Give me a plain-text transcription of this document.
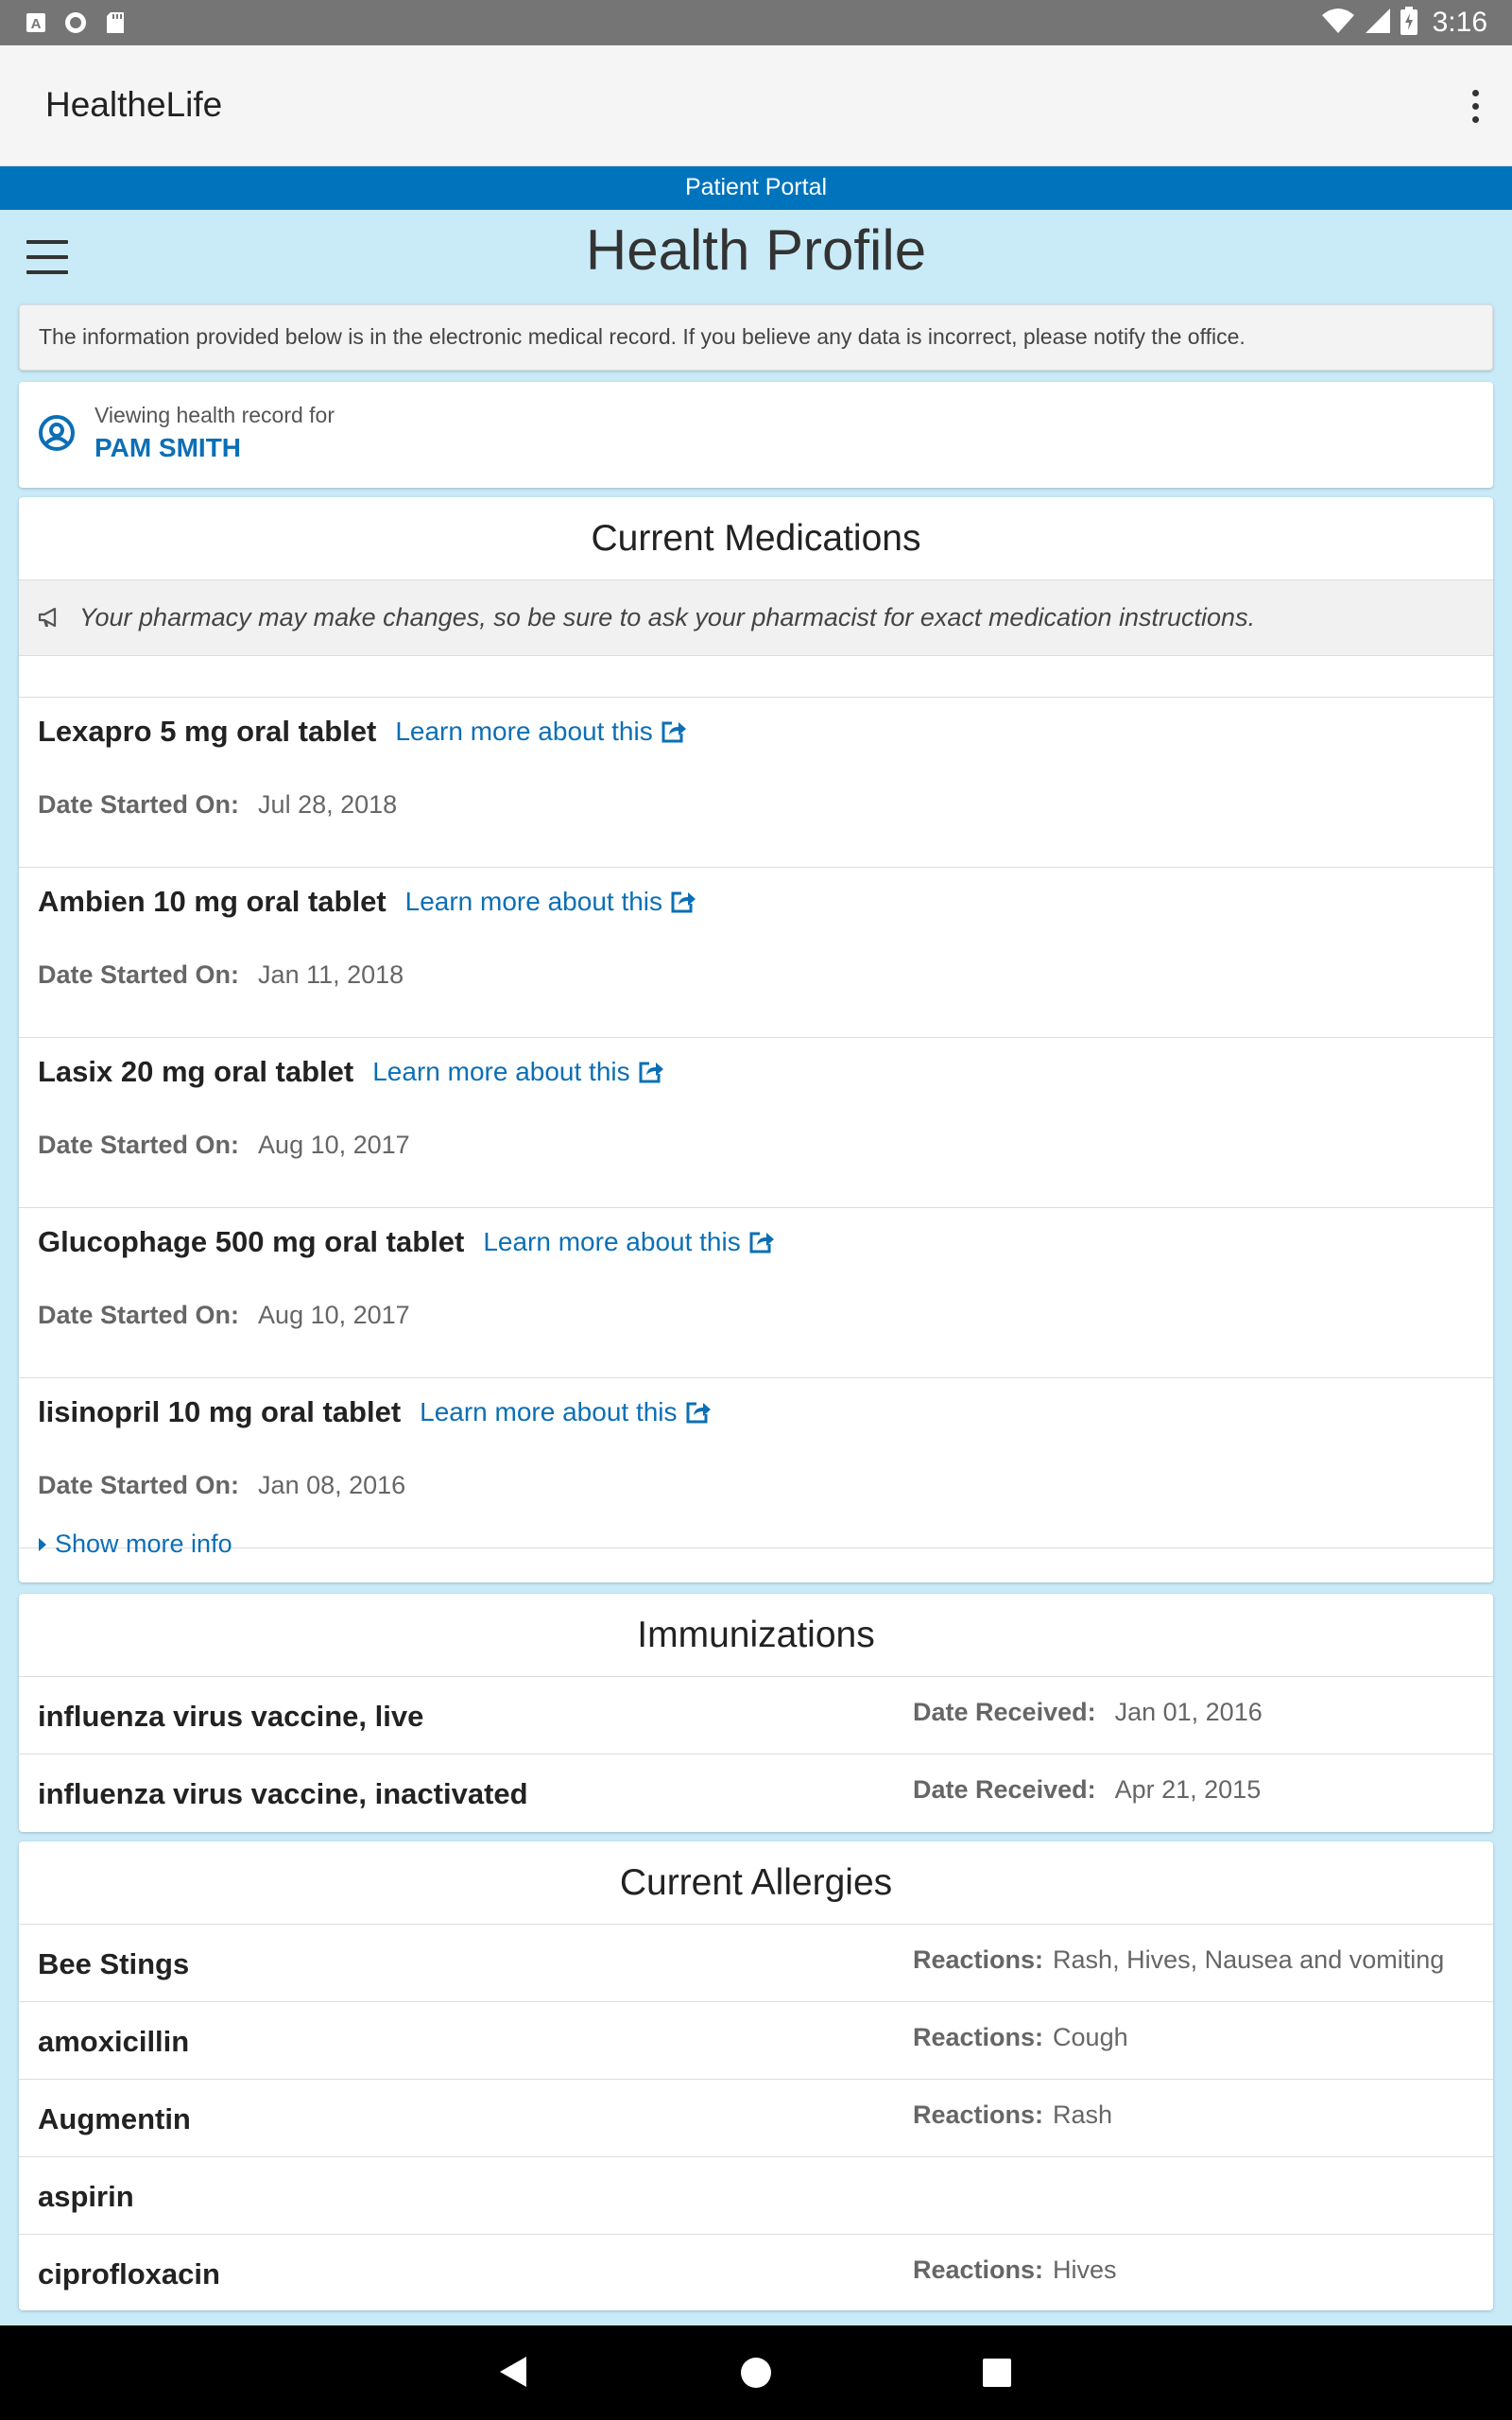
A	3:16
HealtheLife
Patient Portal
Health Profile
The information provided below is in the electronic medical record. If you believe any data is incorrect, please notify the office.
Viewing health record for
PAM SMITH
Current Medications
Your pharmacy may make changes, so be sure to ask your pharmacist for exact medication instructions.
Lexapro 5 mg oral tablet Learn more about this
Date Started On: Jul 28, 2018
Ambien 10 mg oral tablet Learn more about this
Date Started On: Jan 11, 2018
Lasix 20 mg oral tablet Learn more about this
Date Started On: Aug 10, 2017
Glucophage 500 mg oral tablet Learn more about this
Date Started On: Aug 10, 2017
lisinopril 10 mg oral tablet Learn more about this
Date Started On: Jan 08, 2016
Show more info
Immunizations
influenza virus vaccine, live	Date Received: Jan 01, 2016
influenza virus vaccine, inactivated	Date Received: Apr 21, 2015
Current Allergies
Bee Stings	Reactions: Rash, Hives, Nausea and vomiting
amoxicillin	Reactions: Cough
Augmentin	Reactions: Rash
aspirin
ciprofloxacin	Reactions: Hives
